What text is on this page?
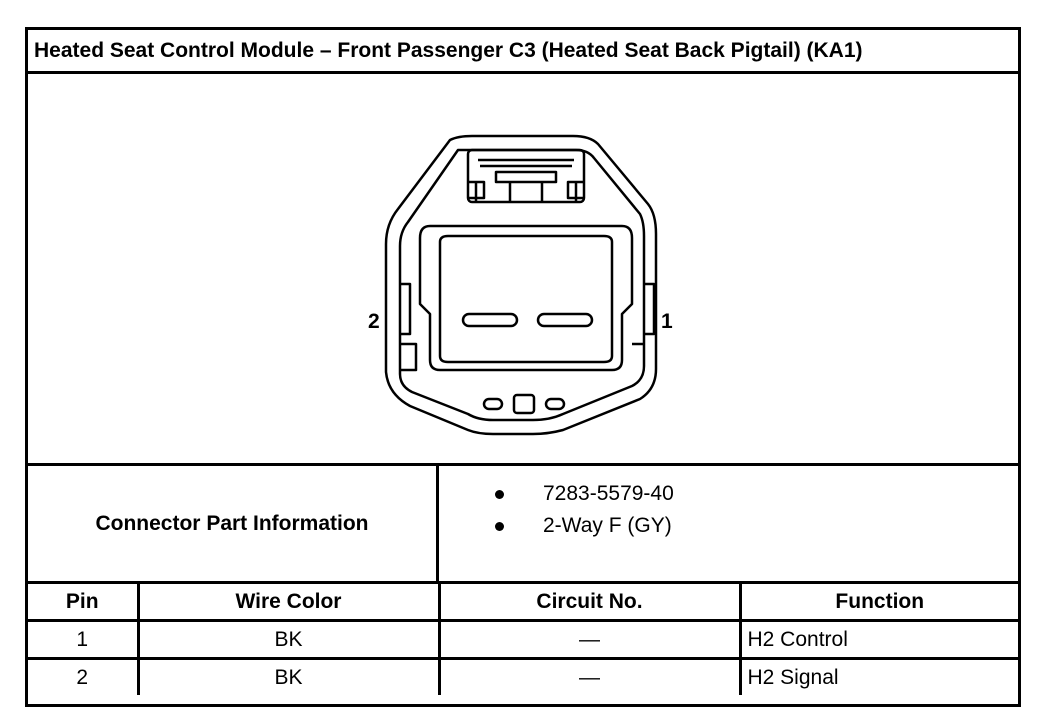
Heated Seat Control Module – Front Passenger C3 (Heated Seat Back Pigtail) (KA1)
2	1
Connector Part Information
7283-5579-40
2-Way F (GY)
Pin	Wire Color	Circuit No.	Function
1	BK	—	H2 Control
2	BK	—	H2 Signal
